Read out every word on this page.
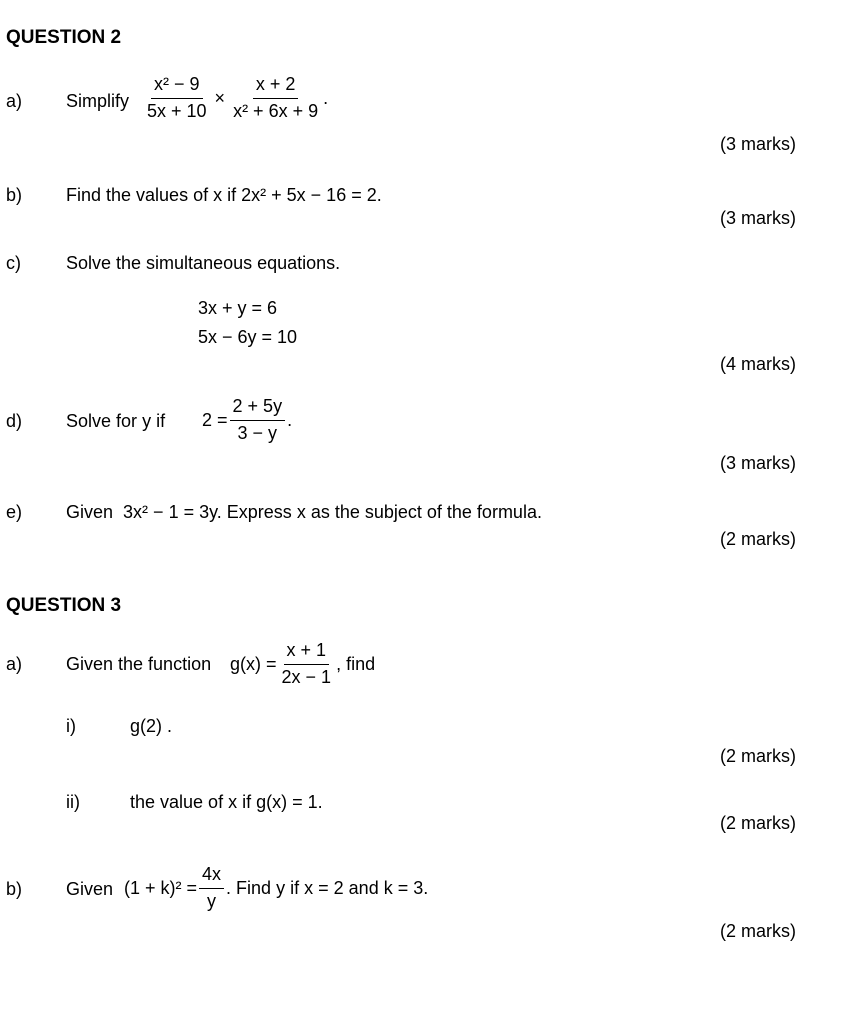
QUESTION 2
a) Simplify $\frac{\text{x² − 9}}{5x + 10} \times \frac{x + 2}{\text{x² + 6x + 9}}$ .
(3 marks)
b) Find the values of x if 2x² + 5x − 16 = 2.
(3 marks)
c)	Solve the simultaneous equations.
3x + y = 6
5x − 6y = 10
(4 marks)
d) Solve for y if $2 = \frac{2 + 5y}{3 - y}$ .
(3 marks)
e) Given 3x² − 1 = 3y. Express x as the subject of the formula.
(2 marks)
QUESTION 3
a) Given the function $g(x) = \frac{x + 1}{2x - 1}$ , find
i)	g(2) .
(2 marks)
ii)	the value of x if g(x) = 1.
(2 marks)
b) Given $(1 + k)^2 = \frac{4x}{y}$ . Find
y
if
x = 2
and
k = 3 .
(2 marks)
